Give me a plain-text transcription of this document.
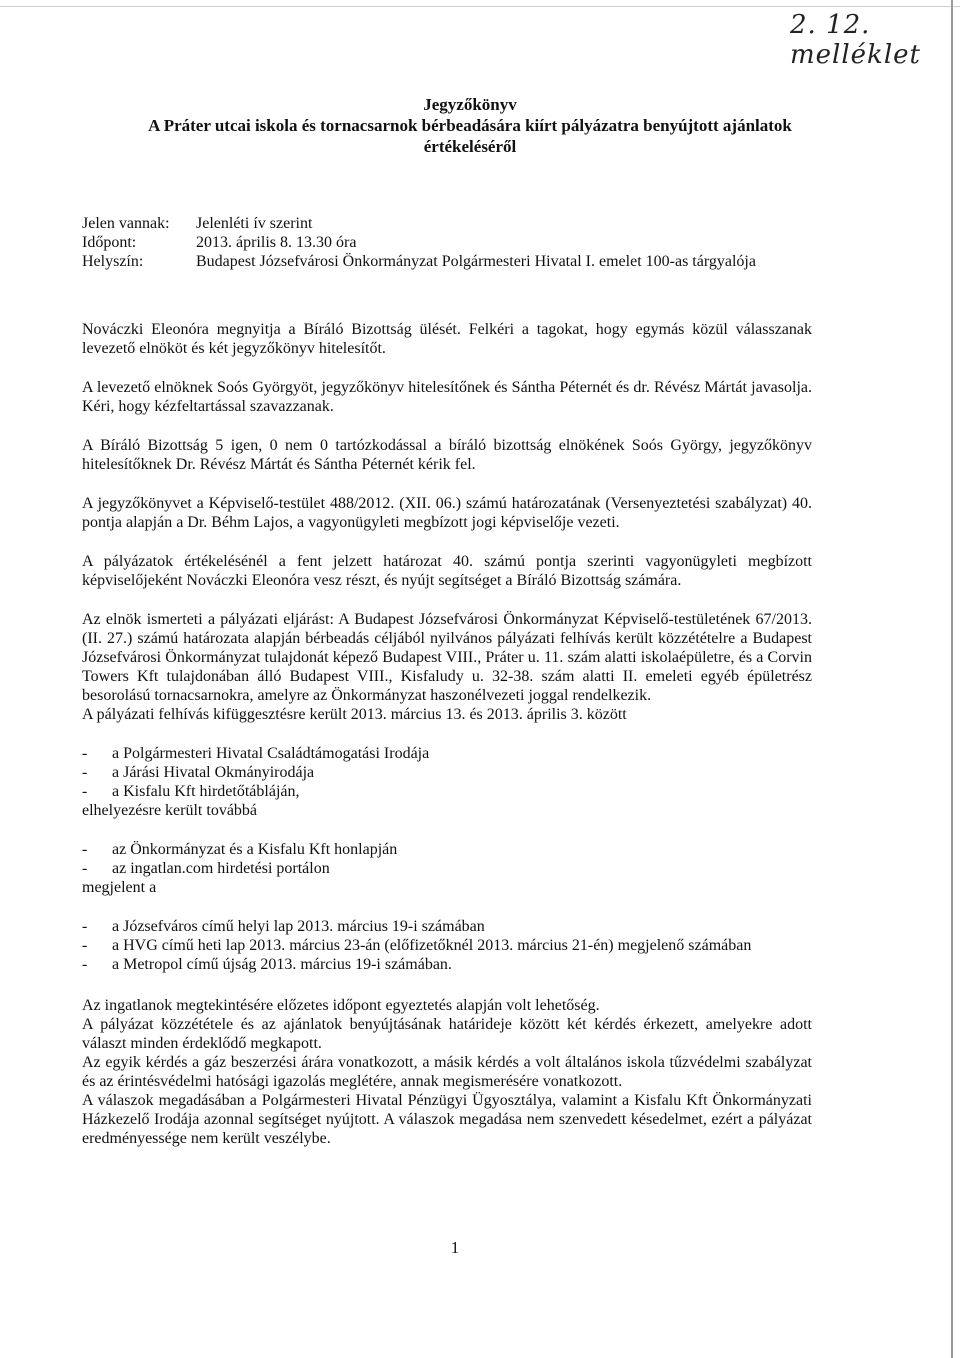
2. 12. melléklet
Jegyzőkönyv
A Práter utcai iskola és tornacsarnok bérbeadására kiírt pályázatra benyújtott ajánlatok
értékeléséről
Jelen vannak:	Jelenléti ív szerint
Időpont:	2013. április 8. 13.30 óra
Helyszín:	Budapest Józsefvárosi Önkormányzat Polgármesteri Hivatal I. emelet 100-as tárgyalója

Nováczki Eleonóra megnyitja a Bíráló Bizottság ülését. Felkéri a tagokat, hogy egymás közül válasszanak levezető elnököt és két jegyzőkönyv hitelesítőt.

A levezető elnöknek Soós Györgyöt, jegyzőkönyv hitelesítőnek és Sántha Péternét és dr. Révész Mártát javasolja. Kéri, hogy kézfeltartással szavazzanak.

A Bíráló Bizottság 5 igen, 0 nem 0 tartózkodással a bíráló bizottság elnökének Soós György, jegyzőkönyv hitelesítőknek Dr. Révész Mártát és Sántha Péternét kérik fel.

A jegyzőkönyvet a Képviselő-testület 488/2012. (XII. 06.) számú határozatának (Versenyeztetési szabályzat) 40. pontja alapján a Dr. Béhm Lajos, a vagyonügyleti megbízott jogi képviselője vezeti.

A pályázatok értékelésénél a fent jelzett határozat 40. számú pontja szerinti vagyonügyleti megbízott képviselőjeként Nováczki Eleonóra vesz részt, és nyújt segítséget a Bíráló Bizottság számára.

Az elnök ismerteti a pályázati eljárást: A Budapest Józsefvárosi Önkormányzat Képviselő-testületének 67/2013. (II. 27.) számú határozata alapján bérbeadás céljából nyilvános pályázati felhívás került közzétételre a Budapest Józsefvárosi Önkormányzat tulajdonát képező Budapest VIII., Práter u. 11. szám alatti iskolaépületre, és a Corvin Towers Kft tulajdonában álló Budapest VIII., Kisfaludy u. 32-38. szám alatti II. emeleti egyéb épületrész besorolású tornacsarnokra, amelyre az Önkormányzat haszonélvezeti joggal rendelkezik.

A pályázati felhívás kifüggesztésre került 2013. március 13. és 2013. április 3. között

-	a Polgármesteri Hivatal Családtámogatási Irodája
-	a Járási Hivatal Okmányirodája
-	a Kisfalu Kft hirdetőtábláján,

elhelyezésre került továbbá

-	az Önkormányzat és a Kisfalu Kft honlapján
-	az ingatlan.com hirdetési portálon

megjelent a

-	a Józsefváros című helyi lap 2013. március 19-i számában
-	a HVG című heti lap 2013. március 23-án (előfizetőknél 2013. március 21-én) megjelenő számában
-	a Metropol című újság 2013. március 19-i számában.

Az ingatlanok megtekintésére előzetes időpont egyeztetés alapján volt lehetőség.

A pályázat közzététele és az ajánlatok benyújtásának határideje között két kérdés érkezett, amelyekre adott választ minden érdeklődő megkapott.

Az egyik kérdés a gáz beszerzési árára vonatkozott, a másik kérdés a volt általános iskola tűzvédelmi szabályzat és az érintésvédelmi hatósági igazolás meglétére, annak megismerésére vonatkozott.

A válaszok megadásában a Polgármesteri Hivatal Pénzügyi Ügyosztálya, valamint a Kisfalu Kft Önkormányzati Házkezelő Irodája azonnal segítséget nyújtott. A válaszok megadása nem szenvedett késedelmet, ezért a pályázat eredményessége nem került veszélybe.

1
